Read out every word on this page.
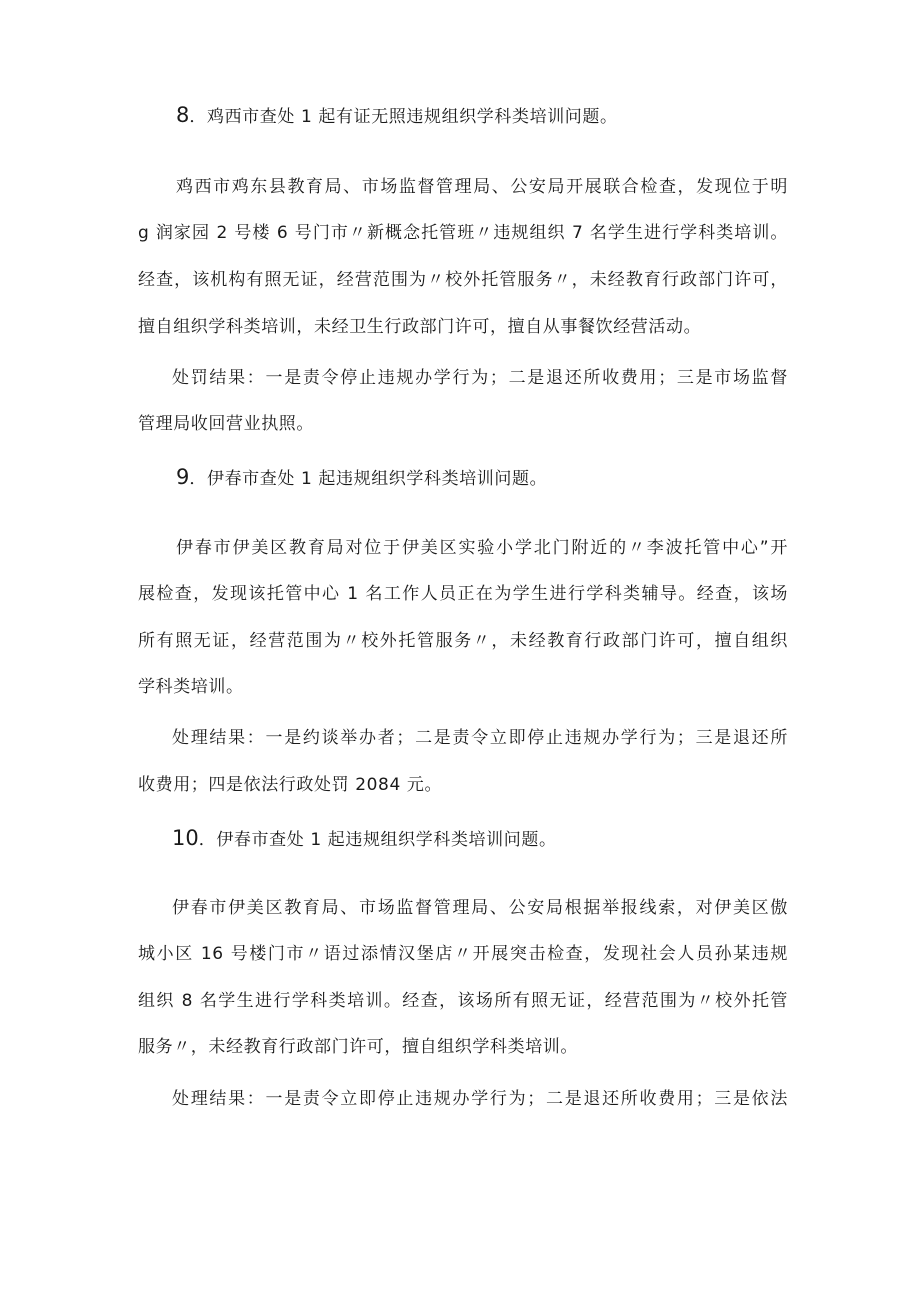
8．鸡西市查处 1 起有证无照违规组织学科类培训问题。
鸡西市鸡东县教育局、市场监督管理局、公安局开展联合检查，发现位于明
g 润家园 2 号楼 6 号门市〃新概念托管班〃违规组织 7 名学生进行学科类培训。
经查，该机构有照无证，经营范围为〃校外托管服务〃，未经教育行政部门许可，
擅自组织学科类培训，未经卫生行政部门许可，擅自从事餐饮经营活动。
处罚结果：一是责令停止违规办学行为；二是退还所收费用；三是市场监督
管理局收回营业执照。
9．伊春市查处 1 起违规组织学科类培训问题。
伊春市伊美区教育局对位于伊美区实验小学北门附近的〃李波托管中心”开
展检查，发现该托管中心 1 名工作人员正在为学生进行学科类辅导。经查，该场
所有照无证，经营范围为〃校外托管服务〃，未经教育行政部门许可，擅自组织
学科类培训。
处理结果：一是约谈举办者；二是责令立即停止违规办学行为；三是退还所
收费用；四是依法行政处罚 2084 元。
10．伊春市查处 1 起违规组织学科类培训问题。
伊春市伊美区教育局、市场监督管理局、公安局根据举报线索，对伊美区傲
城小区 16 号楼门市〃语过添情汉堡店〃开展突击检查，发现社会人员孙某违规
组织 8 名学生进行学科类培训。经查，该场所有照无证，经营范围为〃校外托管
服务〃，未经教育行政部门许可，擅自组织学科类培训。
处理结果：一是责令立即停止违规办学行为；二是退还所收费用；三是依法
